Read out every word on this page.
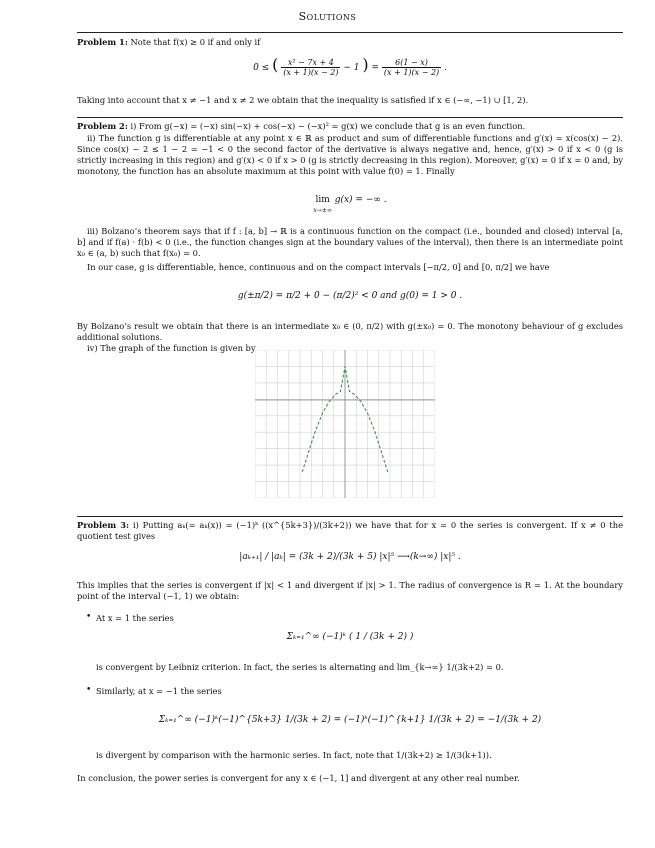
Solutions
Problem 1: Note that f(x) ≥ 0 if and only if
0 ≤ ( $\frac{\text{x² − 7x + 4}}{(x + 1)(x - 2)} - 1$ ) = $\frac{6(1 - x)}{(x + 1)(x - 2)}$ .
Taking into account that x ≠ −1 and x ≠ 2 we obtain that the inequality is satisfied if x ∈ (−∞, −1) ∪ [1, 2).
Problem 2: i) From g(−x) = (−x) sin(−x) + cos(−x) − (−x)² = g(x) we conclude that g is an even function.
ii) The function g is differentiable at any point x ∈ ℝ as product and sum of differentiable functions and g′(x) = x(cos(x) − 2). Since cos(x) − 2 ≤ 1 − 2 = −1 < 0 the second factor of the derivative is always negative and, hence, g′(x) > 0 if x < 0 (g is strictly increasing in this region) and g′(x) < 0 if x > 0 (g is strictly decreasing in this region). Moreover, g′(x) = 0 if x = 0 and, by monotony, the function has an absolute maximum at this point with value f(0) = 1. Finally
lim
x→±∞ g(x) = −∞ .
iii) Bolzano’s theorem says that if f : [a, b] → ℝ is a continuous function on the compact (i.e., bounded and closed) interval [a, b] and if f(a) · f(b) < 0 (i.e., the function changes sign at the boundary values of the interval), then there is an intermediate point x₀ ∈ (a, b) such that f(x₀) = 0.
In our case, g is differentiable, hence, continuous and on the compact intervals [−π/2, 0] and [0, π/2] we have
g(±π/2) = π/2 + 0 − (π/2)² < 0 and g(0) = 1 > 0 .
By Bolzano’s result we obtain that there is an intermediate x₀ ∈ (0, π/2) with g(±x₀) = 0. The monotony behaviour of g excludes additional solutions.
iv) The graph of the function is given by
Problem 3: i) Putting aₖ(= aₖ(x)) = (−1)ᵏ ((x^{5k+3})/(3k+2)) we have that for x = 0 the series is convergent. If x ≠ 0 the quotient test gives
|aₖ₊₁| / |aₖ| = (3k + 2)/(3k + 5) |x|⁵ ⟶(k→∞) |x|⁵ .
This implies that the series is convergent if |x| < 1 and divergent if |x| > 1. The radius of convergence is R = 1. At the boundary point of the interval (−1, 1) we obtain:
• At x = 1 the series
Σₖ₌₁^∞ (−1)ᵏ ( 1 / (3k + 2) )
is convergent by Leibniz criterion. In fact, the series is alternating and lim_{k→∞} 1/(3k+2) = 0.
• Similarly, at x = −1 the series
Σₖ₌₁^∞ (−1)ᵏ(−1)^{5k+3} 1/(3k + 2) = (−1)ᵏ(−1)^{k+1} 1/(3k + 2) = −1/(3k + 2)
is divergent by comparison with the harmonic series. In fact, note that 1/(3k+2) ≥ 1/(3(k+1)).
In conclusion, the power series is convergent for any x ∈ (−1, 1] and divergent at any other real number.
